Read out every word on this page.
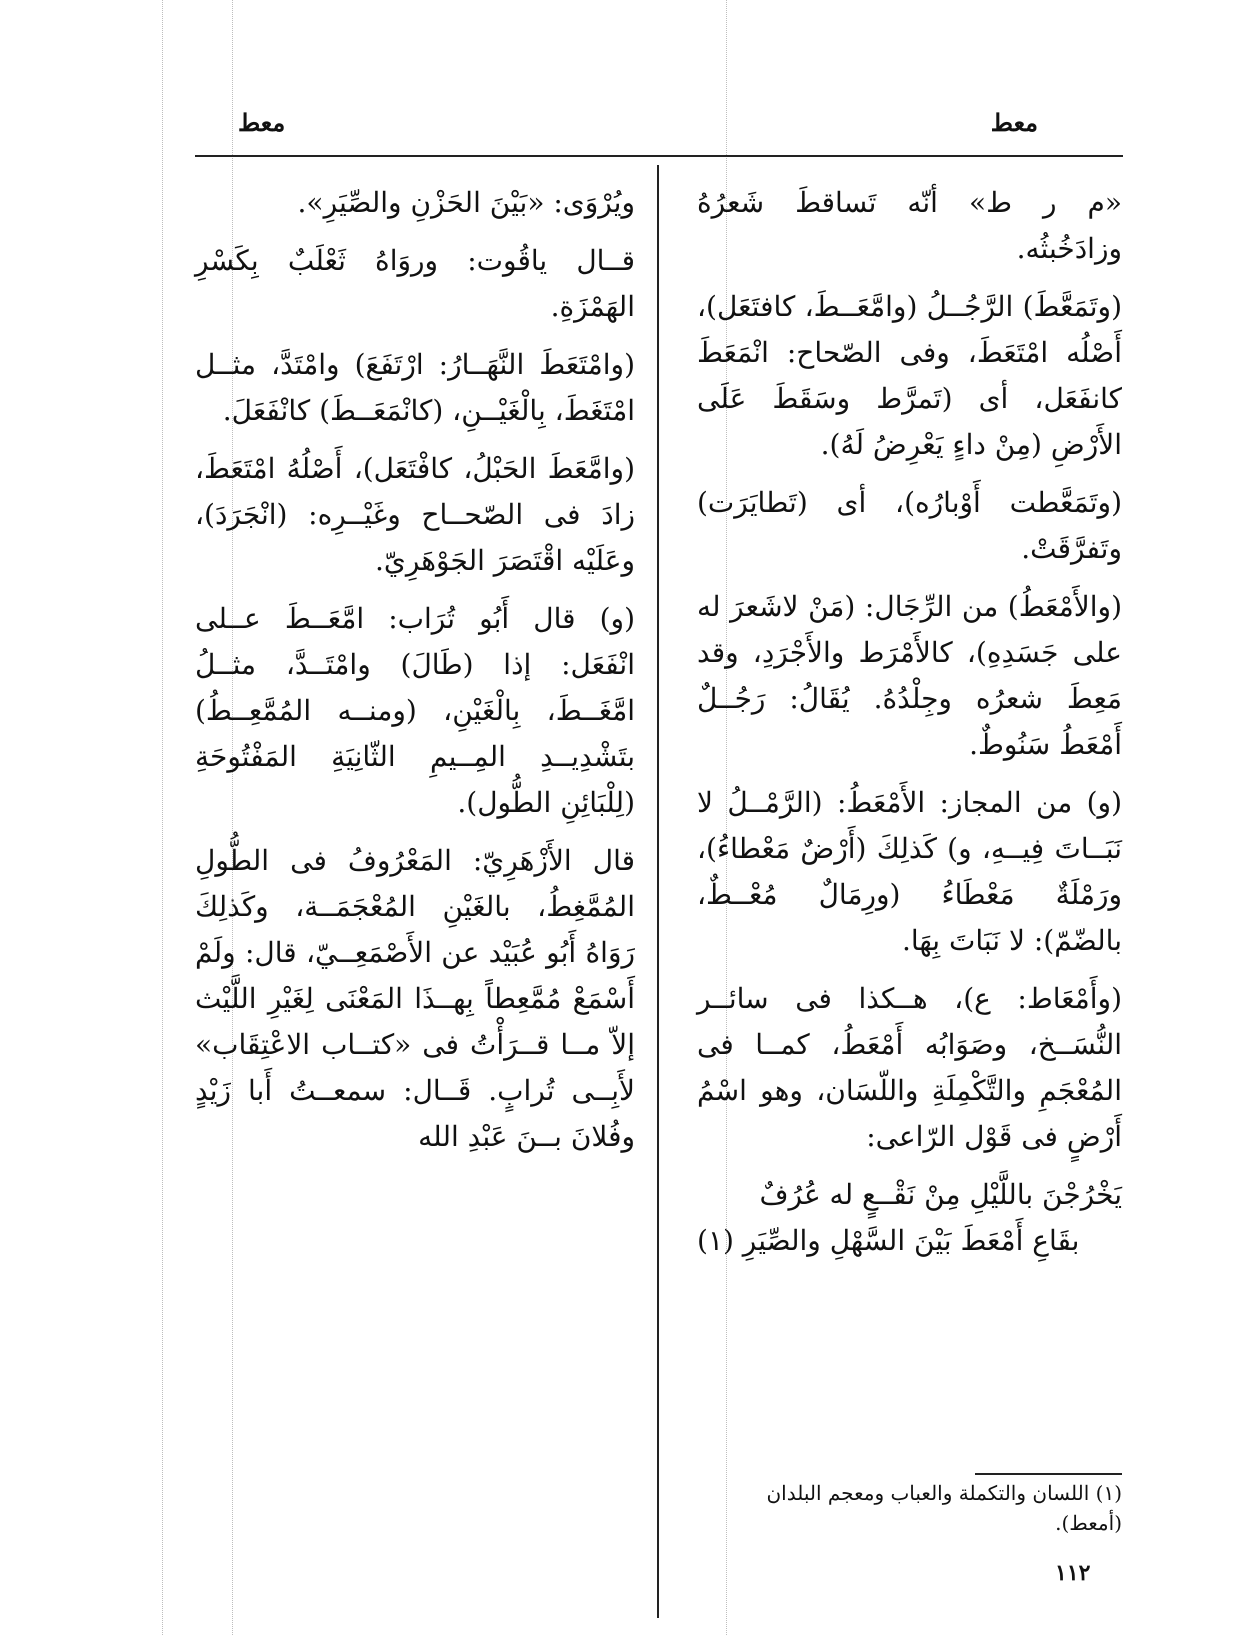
معط
معط

«م ر ط» أنّه تَساقطَ شَعرُهُ وزادَخُبثُه.

(وتَمَعَّطَ) الرَّجُــلُ (وامَّعَــطَ، كافتَعَل)، أَصْلُه امْتَعَطَ، وفى الصّحاح: انْمَعَطَ كانفَعَل، أى (تَمرَّط وسَقَطَ عَلَى الأَرْضِ (مِنْ داءٍ يَعْرِضُ لَهُ).

(وتَمَعَّطت أَوْبارُه)، أى (تَطايَرَت) وتَفرَّقَتْ.

(والأَمْعَطُ) من الرِّجَال: (مَنْ لاشَعرَ له على جَسَدِهِ)، كالأَمْرَط والأَجْرَدِ، وقد مَعِطَ شعرُه وجِلْدُهُ. يُقَالُ: رَجُــلٌ أَمْعَطُ سَنُوطٌ.

(و) من المجاز: الأَمْعَطُ: (الرَّمْــلُ لا نَبَــاتَ فِيــهِ، و) كَذلِكَ (أَرْضٌ مَعْطاءُ)، ورَمْلَةٌ مَعْطَاءُ (ورِمَالٌ مُعْــطٌ، بالضّمّ): لا نَبَاتَ بِهَا.

(وأَمْعَاط: ع)، هــكذا فى سائــر النُّسَــخ، وصَوَابُه أَمْعَطُ، كمــا فى المُعْجَمِ والتَّكْمِلَةِ واللّسَان، وهو اسْمُ أَرْضٍ فى قَوْل الرّاعى:

يَخْرُجْنَ باللَّيْلِ مِنْ نَقْــعٍ له عُرُفٌ
بقَاعِ أَمْعَطَ بَيْنَ السَّهْلِ والصِّيَرِ (١)

ويُرْوَى: «بَيْنَ الحَزْنِ والصِّيَرِ».

قــال ياقُوت: وروَاهُ ثَعْلَبٌ بِكَسْرِ الهَمْزَةِ.

(وامْتَعَطَ النَّهَــارُ: ارْتَفَعَ) وامْتَدَّ، مثــل امْتَغَطَ، بِالْغَيْــنِ، (كانْمَعَــطَ) كانْفَعَلَ.

(وامَّعَطَ الحَبْلُ، كافْتَعَل)، أَصْلُهُ امْتَعَطَ، زادَ فى الصّحــاح وغَيْــرِه: (انْجَرَدَ)، وعَلَيْه اقْتَصَرَ الجَوْهَرِيّ.

(و) قال أَبُو تُرَاب: امَّعَــطَ عــلى انْفَعَل: إذا (طَالَ) وامْتَــدَّ، مثــلُ امَّغَــطَ، بِالْغَيْنِ، (ومنــه المُمَّعِــطُ) بتَشْدِيــدِ المِــيمِ الثّانِيَةِ المَفْتُوحَةِ (لِلْبَائِنِ الطُّول).

قال الأَزْهَرِيّ: المَعْرُوفُ فى الطُّولِ المُمَّغِطُ، بالغَيْنِ المُعْجَمَــة، وكَذلِكَ رَوَاهُ أَبُو عُبَيْد عن الأَصْمَعِــيّ، قال: ولَمْ أَسْمَعْ مُمَّعِطاً بِهــذَا المَعْنَى لِغَيْرِ اللَّيْث إلاّ مــا قــرَأْتُ فى «كتــاب الاعْتِقَاب» لأَبِــى تُرابٍ. قَــال: سمعــتُ أَبا زَيْدٍ وفُلانَ بــنَ عَبْدِ الله

(١) اللسان والتكملة والعباب ومعجم البلدان (أمعط).
١١٢
